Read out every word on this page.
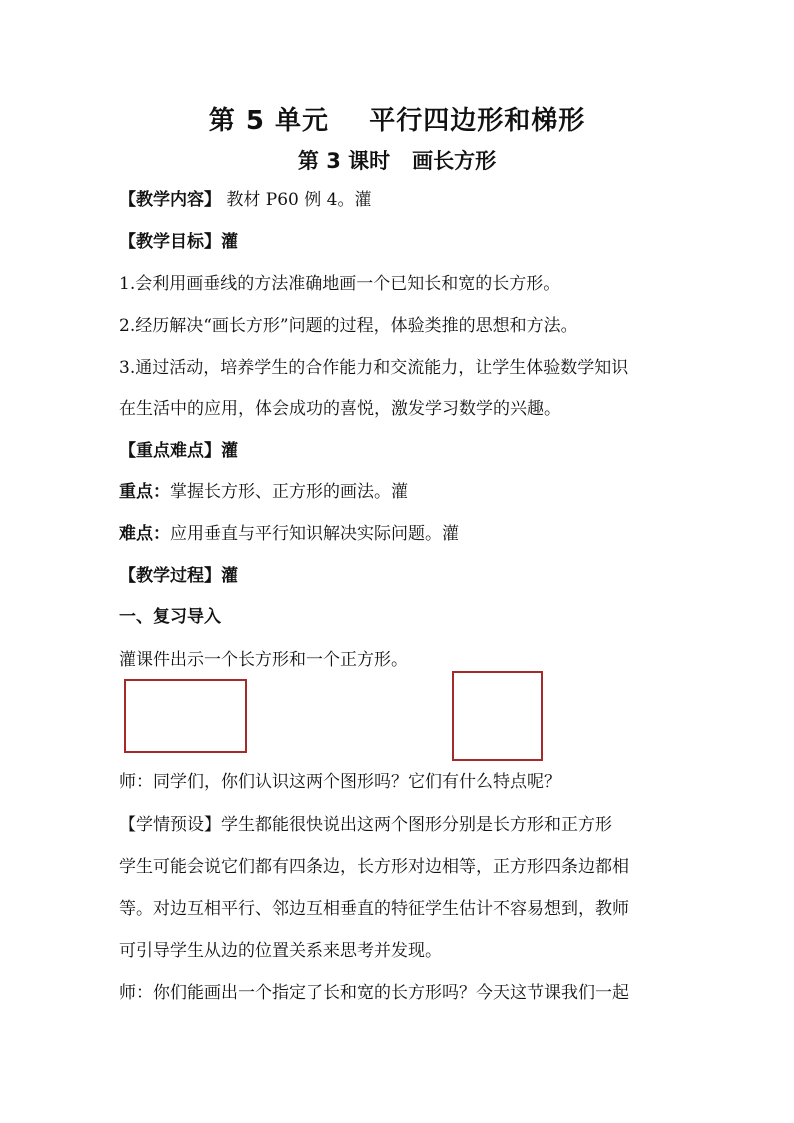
第 5 单元    平行四边形和梯形
第 3 课时   画长方形
【教学内容】 教材 P60 例 4。灌
【教学目标】灌
1.会利用画垂线的方法准确地画一个已知长和宽的长方形。
2.经历解决“画长方形”问题的过程，体验类推的思想和方法。
3.通过活动，培养学生的合作能力和交流能力，让学生体验数学知识
在生活中的应用，体会成功的喜悦，激发学习数学的兴趣。
【重点难点】灌
重点：掌握长方形、正方形的画法。灌
难点：应用垂直与平行知识解决实际问题。灌
【教学过程】灌
一、复习导入
灌课件出示一个长方形和一个正方形。
师：同学们，你们认识这两个图形吗？它们有什么特点呢？
【学情预设】学生都能很快说出这两个图形分别是长方形和正方形
学生可能会说它们都有四条边，长方形对边相等，正方形四条边都相
等。对边互相平行、邻边互相垂直的特征学生估计不容易想到，教师
可引导学生从边的位置关系来思考并发现。
师：你们能画出一个指定了长和宽的长方形吗？今天这节课我们一起
